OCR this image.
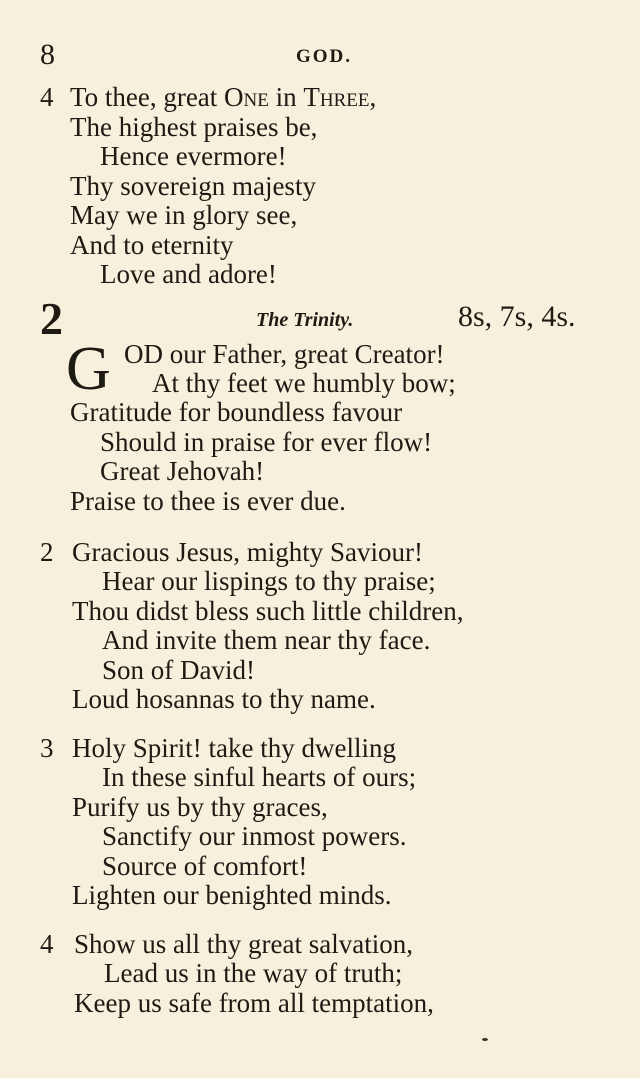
8	GOD.
4 To thee, great One in Three,
The highest praises be,
Hence evermore!
Thy sovereign majesty
May we in glory see,
And to eternity
Love and adore!
2	The Trinity.	8s, 7s, 4s.
G OD our Father, great Creator!
At thy feet we humbly bow;
Gratitude for boundless favour
Should in praise for ever flow!
Great Jehovah!
Praise to thee is ever due.
2 Gracious Jesus, mighty Saviour!
Hear our lispings to thy praise;
Thou didst bless such little children,
And invite them near thy face.
Son of David!
Loud hosannas to thy name.
3 Holy Spirit! take thy dwelling
In these sinful hearts of ours;
Purify us by thy graces,
Sanctify our inmost powers.
Source of comfort!
Lighten our benighted minds.
4 Show us all thy great salvation,
Lead us in the way of truth;
Keep us safe from all temptation,
